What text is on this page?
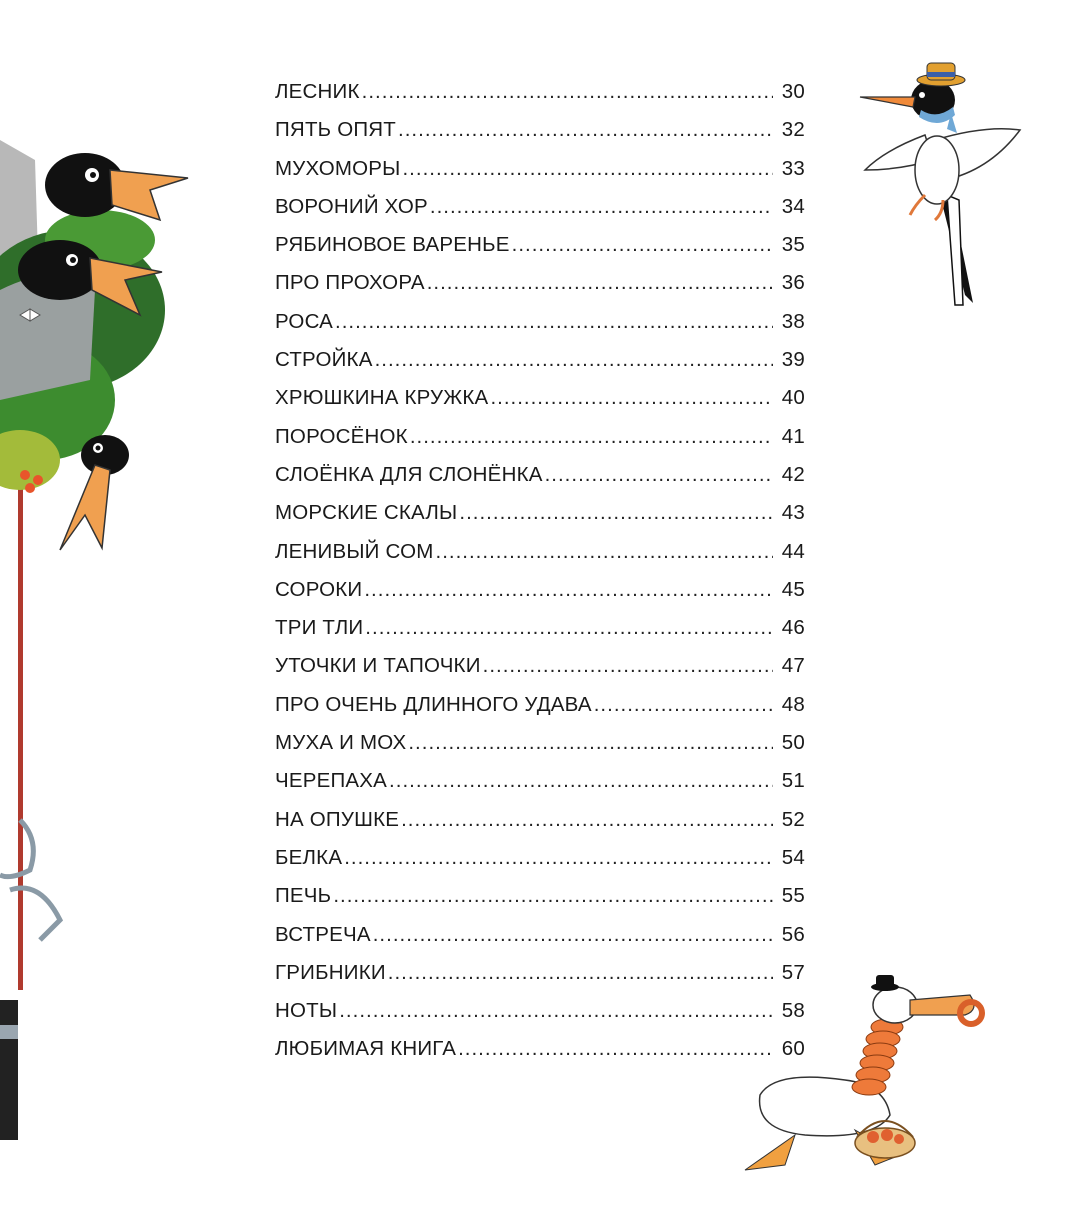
ЛЕСНИК .....	30
ПЯТЬ ОПЯТ .....	32
МУХОМОРЫ .....	33
ВОРОНИЙ ХОР .....	34
РЯБИНОВОЕ ВАРЕНЬЕ .....	35
ПРО ПРОХОРА .....	36
РОСА .....	38
СТРОЙКА .....	39
ХРЮШКИНА КРУЖКА .....	40
ПОРОСЁНОК .....	41
СЛОЁНКА ДЛЯ СЛОНЁНКА .....	42
МОРСКИЕ СКАЛЫ .....	43
ЛЕНИВЫЙ СОМ .....	44
СОРОКИ .....	45
ТРИ ТЛИ .....	46
УТОЧКИ И ТАПОЧКИ .....	47
ПРО ОЧЕНЬ ДЛИННОГО УДАВА .....	48
МУХА И МОХ .....	50
ЧЕРЕПАХА .....	51
НА ОПУШКЕ .....	52
БЕЛКА .....	54
ПЕЧЬ .....	55
ВСТРЕЧА .....	56
ГРИБНИКИ .....	57
НОТЫ .....	58
ЛЮБИМАЯ КНИГА .....	60
